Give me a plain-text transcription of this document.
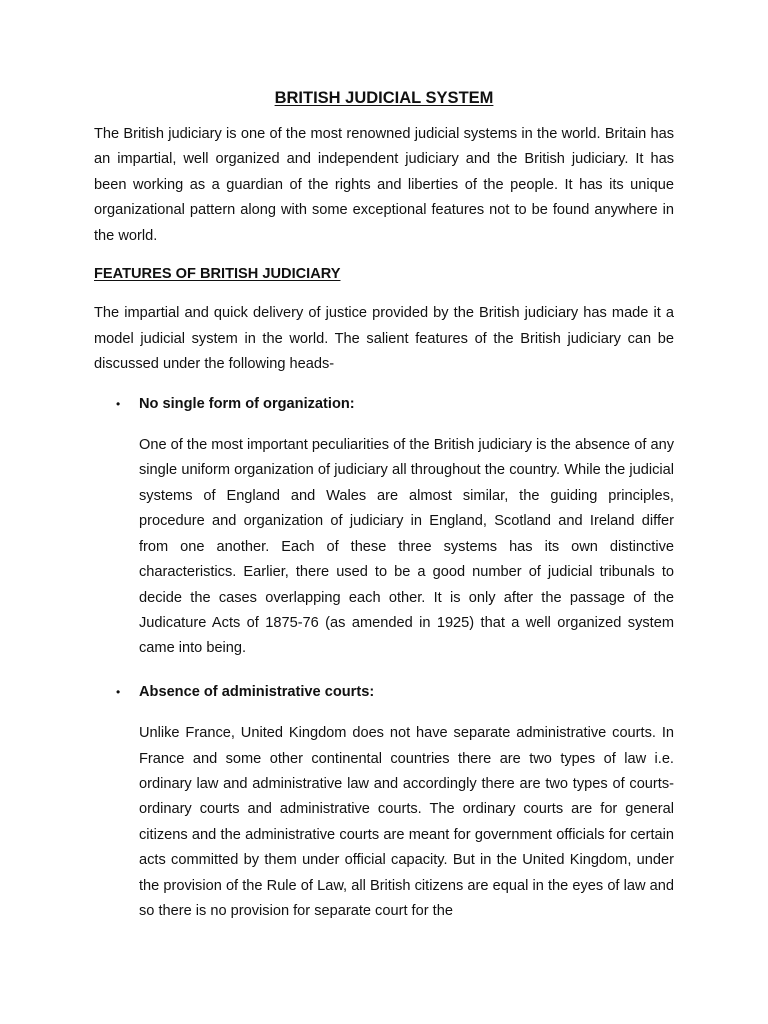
BRITISH JUDICIAL SYSTEM

The British judiciary is one of the most renowned judicial systems in the world. Britain has an impartial, well organized and independent judiciary and the British judiciary. It has been working as a guardian of the rights and liberties of the people. It has its unique organizational pattern along with some exceptional features not to be found anywhere in the world.

FEATURES OF BRITISH JUDICIARY

The impartial and quick delivery of justice provided by the British judiciary has made it a model judicial system in the world. The salient features of the British judiciary can be discussed under the following heads-

• No single form of organization:

One of the most important peculiarities of the British judiciary is the absence of any single uniform organization of judiciary all throughout the country. While the judicial systems of England and Wales are almost similar, the guiding principles, procedure and organization of judiciary in England, Scotland and Ireland differ from one another. Each of these three systems has its own distinctive characteristics. Earlier, there used to be a good number of judicial tribunals to decide the cases overlapping each other. It is only after the passage of the Judicature Acts of 1875-76 (as amended in 1925) that a well organized system came into being.

• Absence of administrative courts:

Unlike France, United Kingdom does not have separate administrative courts. In France and some other continental countries there are two types of law i.e. ordinary law and administrative law and accordingly there are two types of courts- ordinary courts and administrative courts. The ordinary courts are for general citizens and the administrative courts are meant for government officials for certain acts committed by them under official capacity. But in the United Kingdom, under the provision of the Rule of Law, all British citizens are equal in the eyes of law and so there is no provision for separate court for the
